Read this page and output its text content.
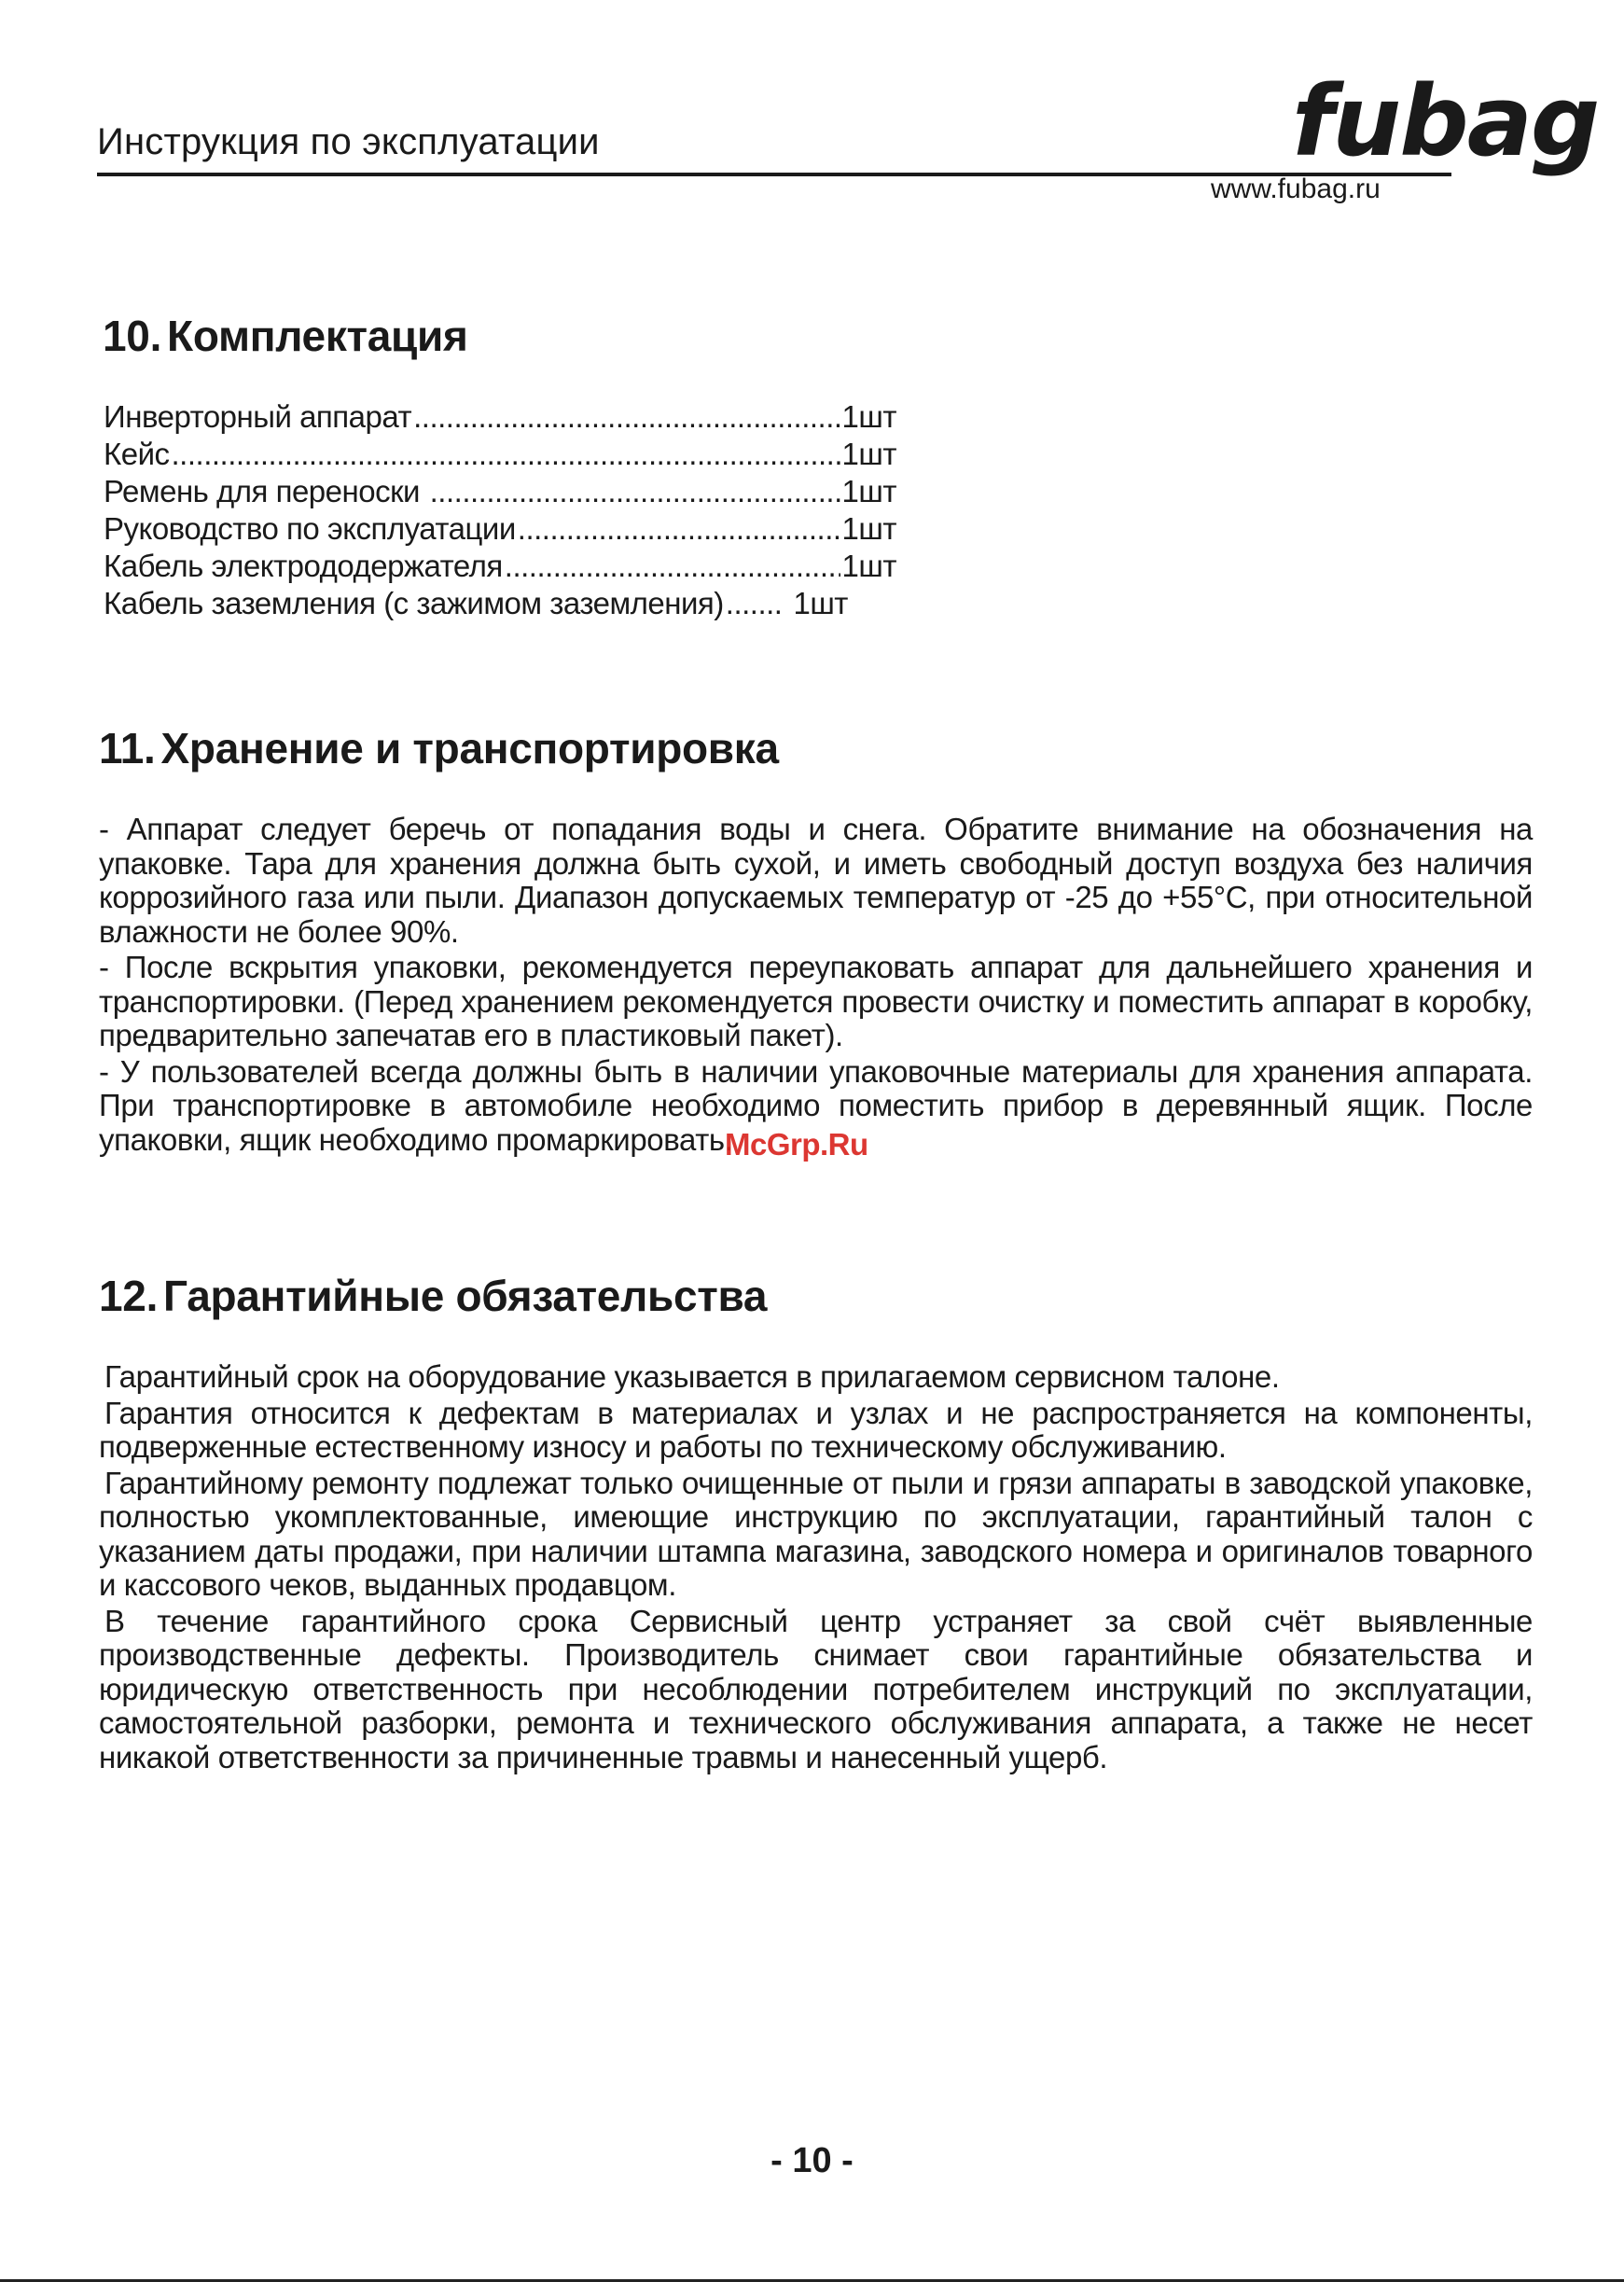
Инструкция по эксплуатации	fubag
www.fubag.ru
10. Комплектация
Инверторный аппарат .....	1шт
Кейс .....	1шт
Ремень для переноски .....	1шт
Руководство по эксплуатации .....	1шт
Кабель электрододержателя .....	1шт
Кабель заземления (с зажимом заземления) ..... 1шт
11. Хранение и транспортировка

- Аппарат следует беречь от попадания воды и снега. Обратите внимание на обозначения на упаковке. Тара для хранения должна быть сухой, и иметь свободный доступ воздуха без наличия коррозийного газа или пыли. Диапазон допускаемых температур от -25 до +55°С, при относительной влажности не более 90%.

- После вскрытия упаковки, рекомендуется переупаковать аппарат для дальнейшего хранения и транспортировки. (Перед хранением рекомендуется провести очистку и поместить аппарат в коробку, предварительно запечатав его в пластиковый пакет).

- У пользователей всегда должны быть в наличии упаковочные материалы для хранения аппарата. При транспортировке в автомобиле необходимо поместить прибор в деревянный ящик. После упаковки, ящик необходимо промаркировать.

McGrp.Ru
12. Гарантийные обязательства

Гарантийный срок на оборудование указывается в прилагаемом сервисном талоне.

Гарантия относится к дефектам в материалах и узлах и не распространяется на компоненты, подверженные естественному износу и работы по техническому обслуживанию.

Гарантийному ремонту подлежат только очищенные от пыли и грязи аппараты в заводской упаковке, полностью укомплектованные, имеющие инструкцию по эксплуатации, гарантийный талон с указанием даты продажи, при наличии штампа магазина, заводского номера и оригиналов товарного и кассового чеков, выданных продавцом.

В течение гарантийного срока Сервисный центр устраняет за свой счёт выявленные производственные дефекты. Производитель снимает свои гарантийные обязательства и юридическую ответственность при несоблюдении потребителем инструкций по эксплуатации, самостоятельной разборки, ремонта и технического обслуживания аппарата, а также не несет никакой ответственности за причиненные травмы и нанесенный ущерб.

- 10 -
